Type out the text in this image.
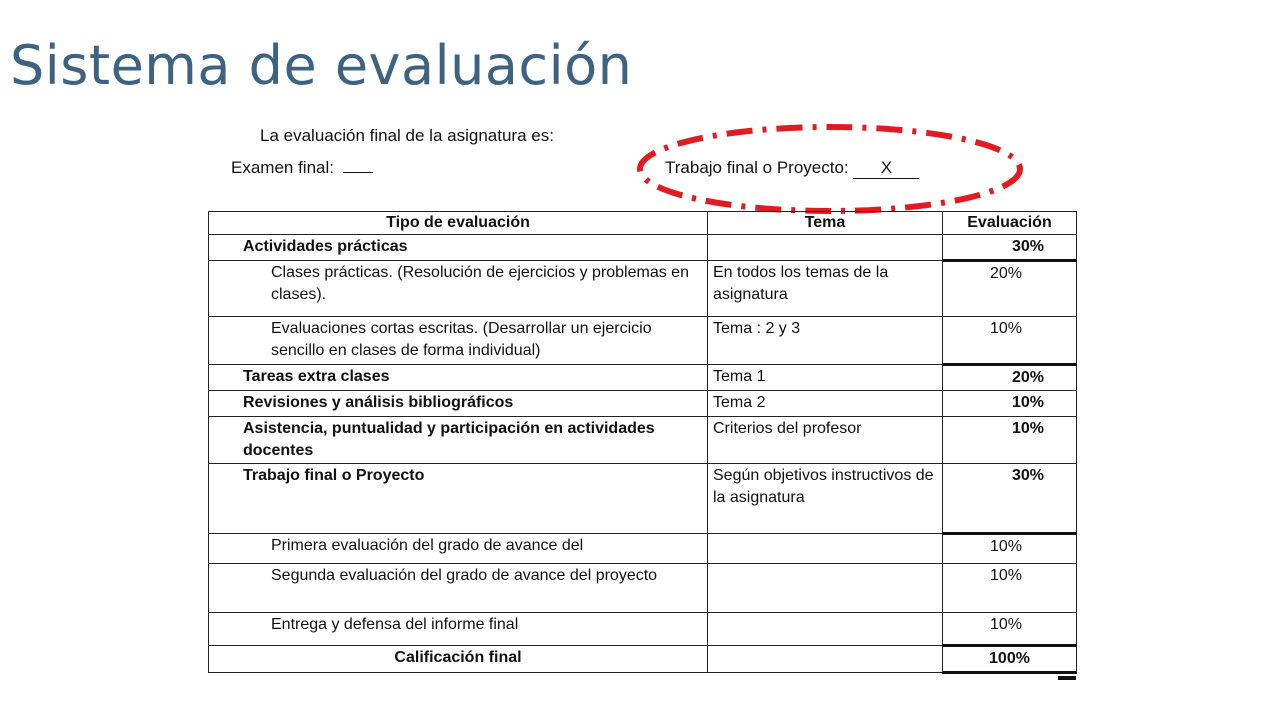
Sistema de evaluación
La evaluación final de la asignatura es:
Examen final:	Trabajo final o Proyecto: X
Tipo de evaluación	Tema	Evaluación
Actividades prácticas		30%
Clases prácticas. (Resolución de ejercicios y problemas en clases).	En todos los temas de la asignatura	20%
Evaluaciones cortas escritas. (Desarrollar un ejercicio sencillo en clases de forma individual)	Tema : 2 y 3	10%
Tareas extra clases	Tema 1	20%
Revisiones y análisis bibliográficos	Tema 2	10%
Asistencia, puntualidad y participación en actividades docentes	Criterios del profesor	10%
Trabajo final o Proyecto	Según objetivos instructivos de la asignatura	30%
Primera evaluación del grado de avance del		10%
Segunda evaluación del grado de avance del proyecto		10%
Entrega y defensa del informe final		10%
Calificación final		100%
